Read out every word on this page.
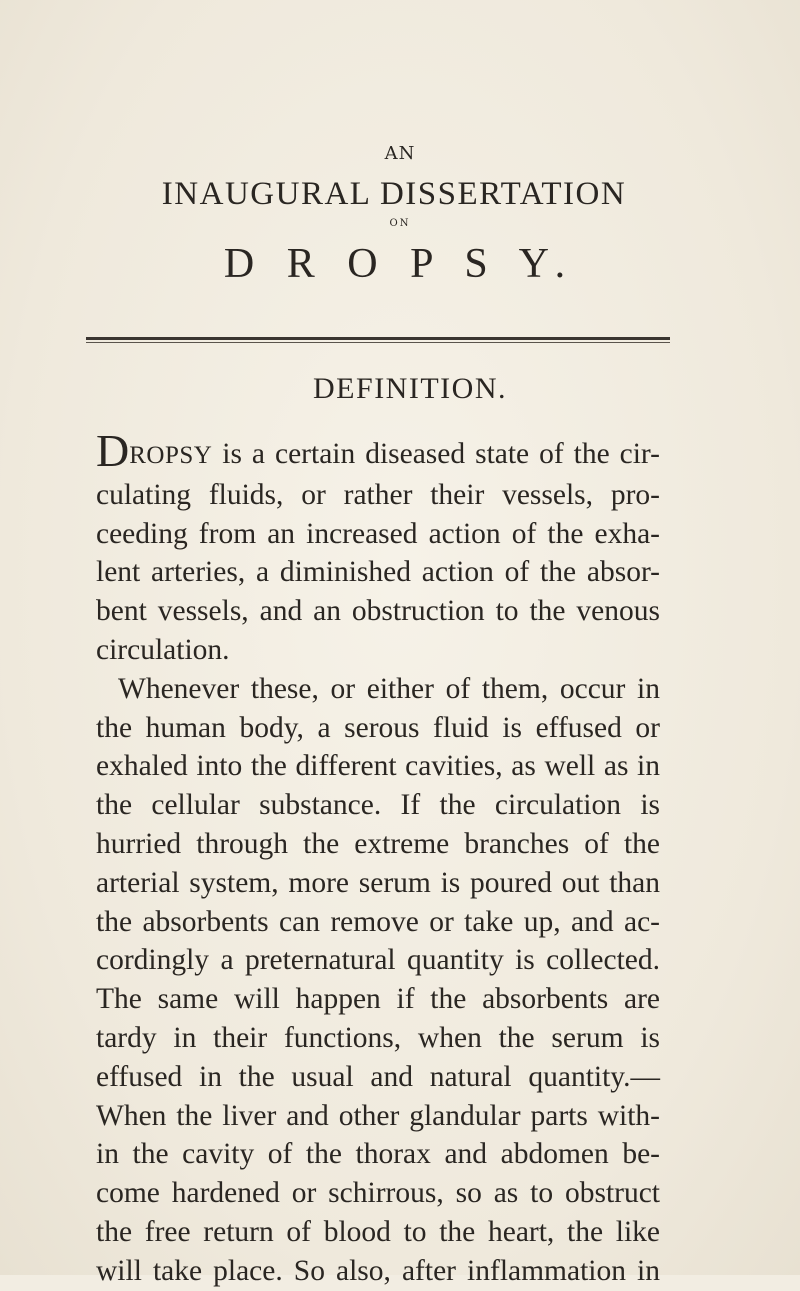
AN

INAUGURAL DISSERTATION

ON

D R O P S Y.

DEFINITION.

DROPSY is a certain diseased state of the cir-
culating fluids, or rather their vessels, pro-
ceeding from an increased action of the exha-
lent arteries, a diminished action of the absor-
bent vessels, and an obstruction to the venous
circulation.
Whenever these, or either of them, occur in
the human body, a serous fluid is effused or
exhaled into the different cavities, as well as in
the cellular substance. If the circulation is
hurried through the extreme branches of the
arterial system, more serum is poured out than
the absorbents can remove or take up, and ac-
cordingly a preternatural quantity is collected.
The same will happen if the absorbents are
tardy in their functions, when the serum is
effused in the usual and natural quantity.—
When the liver and other glandular parts with-
in the cavity of the thorax and abdomen be-
come hardened or schirrous, so as to obstruct
the free return of blood to the heart, the like
will take place. So also, after inflammation in
